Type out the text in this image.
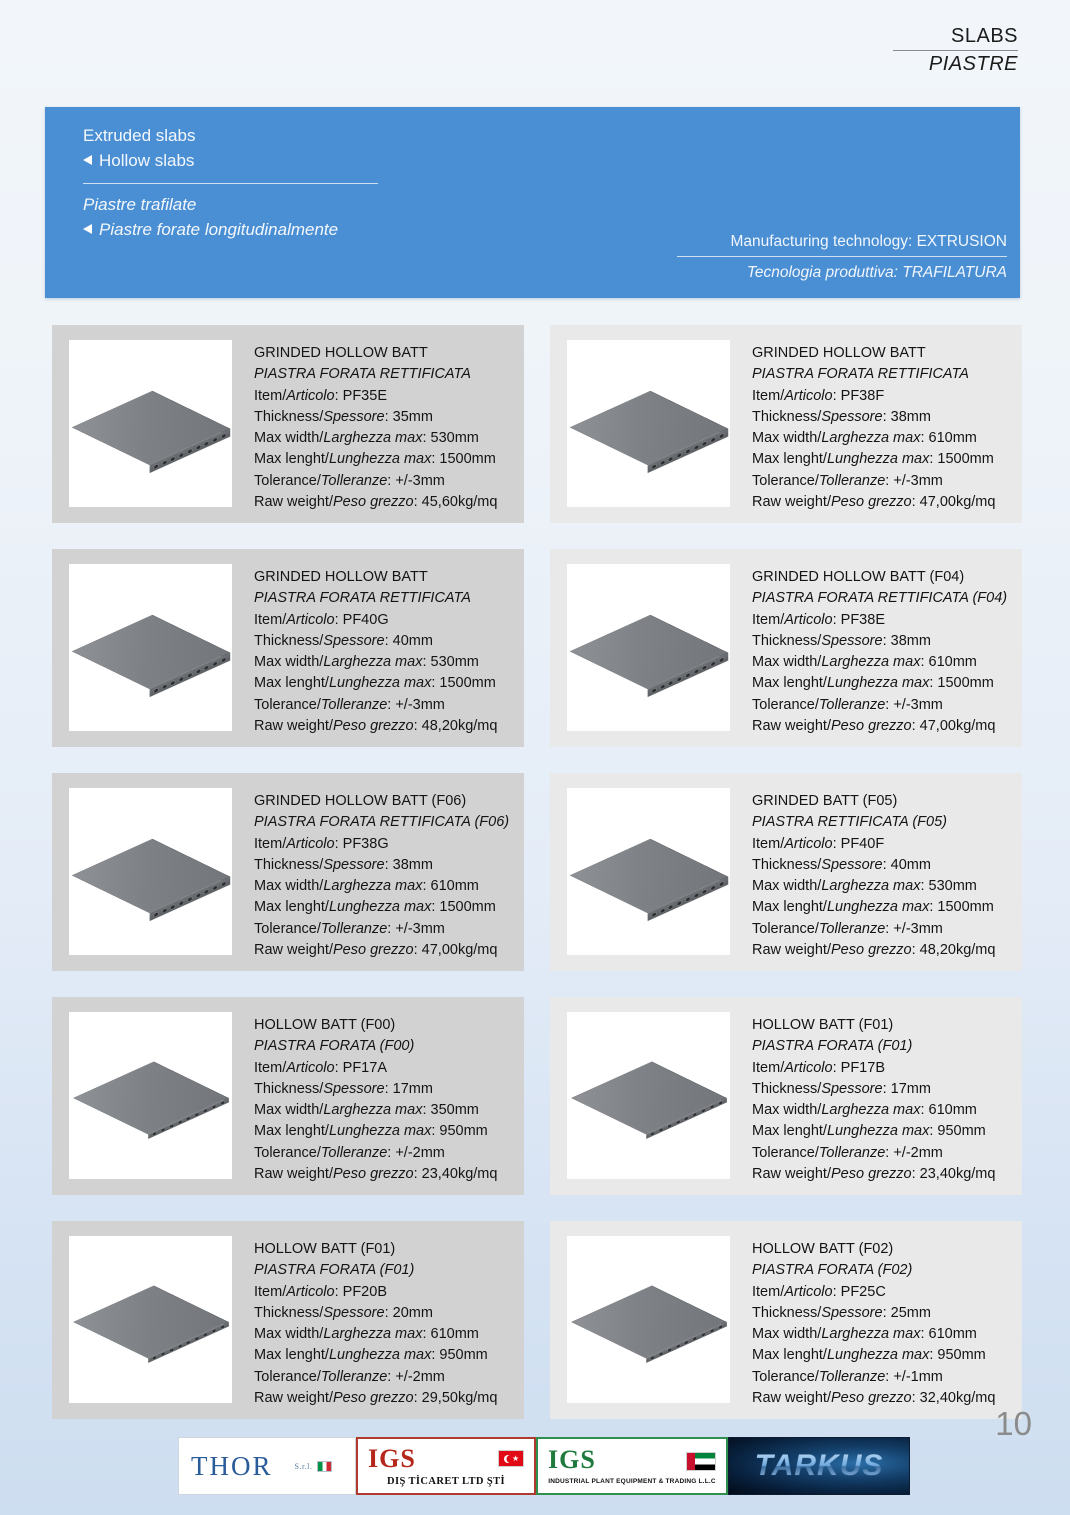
SLABS
PIASTRE
Extruded slabs
Hollow slabs
Piastre trafilate
Piastre forate longitudinalmente
Manufacturing technology: EXTRUSION
Tecnologia produttiva: TRAFILATURA
GRINDED HOLLOW BATT
PIASTRA FORATA RETTIFICATA
Item/Articolo: PF35E
Thickness/Spessore: 35mm
Max width/Larghezza max: 530mm
Max lenght/Lunghezza max: 1500mm
Tolerance/Tolleranze: +/-3mm
Raw weight/Peso grezzo: 45,60kg/mq
GRINDED HOLLOW BATT
PIASTRA FORATA RETTIFICATA
Item/Articolo: PF38F
Thickness/Spessore: 38mm
Max width/Larghezza max: 610mm
Max lenght/Lunghezza max: 1500mm
Tolerance/Tolleranze: +/-3mm
Raw weight/Peso grezzo: 47,00kg/mq
GRINDED HOLLOW BATT
PIASTRA FORATA RETTIFICATA
Item/Articolo: PF40G
Thickness/Spessore: 40mm
Max width/Larghezza max: 530mm
Max lenght/Lunghezza max: 1500mm
Tolerance/Tolleranze: +/-3mm
Raw weight/Peso grezzo: 48,20kg/mq
GRINDED HOLLOW BATT (F04)
PIASTRA FORATA RETTIFICATA (F04)
Item/Articolo: PF38E
Thickness/Spessore: 38mm
Max width/Larghezza max: 610mm
Max lenght/Lunghezza max: 1500mm
Tolerance/Tolleranze: +/-3mm
Raw weight/Peso grezzo: 47,00kg/mq
GRINDED HOLLOW BATT (F06)
PIASTRA FORATA RETTIFICATA (F06)
Item/Articolo: PF38G
Thickness/Spessore: 38mm
Max width/Larghezza max: 610mm
Max lenght/Lunghezza max: 1500mm
Tolerance/Tolleranze: +/-3mm
Raw weight/Peso grezzo: 47,00kg/mq
GRINDED BATT (F05)
PIASTRA RETTIFICATA (F05)
Item/Articolo: PF40F
Thickness/Spessore: 40mm
Max width/Larghezza max: 530mm
Max lenght/Lunghezza max: 1500mm
Tolerance/Tolleranze: +/-3mm
Raw weight/Peso grezzo: 48,20kg/mq
HOLLOW BATT (F00)
PIASTRA FORATA (F00)
Item/Articolo: PF17A
Thickness/Spessore: 17mm
Max width/Larghezza max: 350mm
Max lenght/Lunghezza max: 950mm
Tolerance/Tolleranze: +/-2mm
Raw weight/Peso grezzo: 23,40kg/mq
HOLLOW BATT (F01)
PIASTRA FORATA (F01)
Item/Articolo: PF17B
Thickness/Spessore: 17mm
Max width/Larghezza max: 610mm
Max lenght/Lunghezza max: 950mm
Tolerance/Tolleranze: +/-2mm
Raw weight/Peso grezzo: 23,40kg/mq
HOLLOW BATT (F01)
PIASTRA FORATA (F01)
Item/Articolo: PF20B
Thickness/Spessore: 20mm
Max width/Larghezza max: 610mm
Max lenght/Lunghezza max: 950mm
Tolerance/Tolleranze: +/-2mm
Raw weight/Peso grezzo: 29,50kg/mq
HOLLOW BATT (F02)
PIASTRA FORATA (F02)
Item/Articolo: PF25C
Thickness/Spessore: 25mm
Max width/Larghezza max: 610mm
Max lenght/Lunghezza max: 950mm
Tolerance/Tolleranze: +/-1mm
Raw weight/Peso grezzo: 32,40kg/mq
10
THOR	S.r.l. IGS
DIŞ TİCARET LTD ŞTİ
★
IGS
INDUSTRIAL PLANT EQUIPMENT & TRADING L.L.C TARKUS
